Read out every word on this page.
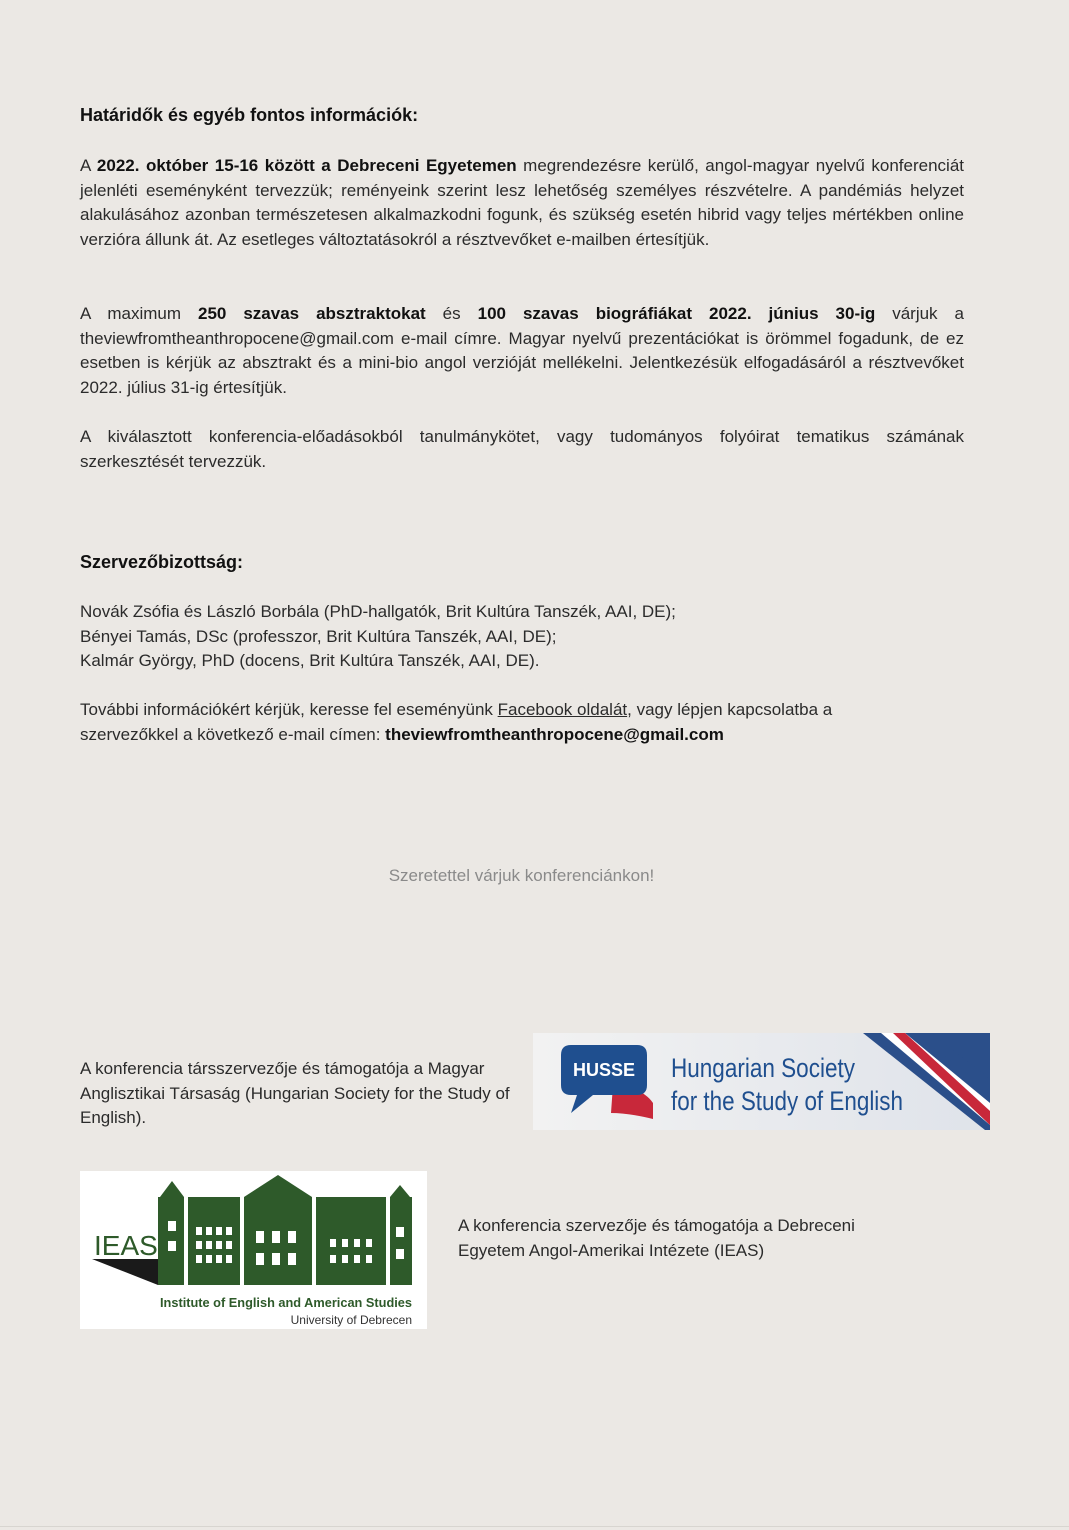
Határidők és egyéb fontos információk:
A 2022. október 15-16 között a Debreceni Egyetemen megrendezésre kerülő, angol-magyar nyelvű konferenciát jelenléti eseményként tervezzük; reményeink szerint lesz lehetőség személyes részvételre. A pandémiás helyzet alakulásához azonban természetesen alkalmazkodni fogunk, és szükség esetén hibrid vagy teljes mértékben online verzióra állunk át. Az esetleges változtatásokról a résztvevőket e-mailben értesítjük.
A maximum 250 szavas absztraktokat és 100 szavas biográfiákat 2022. június 30-ig várjuk a theviewfromtheanthropocene@gmail.com e-mail címre. Magyar nyelvű prezentációkat is örömmel fogadunk, de ez esetben is kérjük az absztrakt és a mini-bio angol verzióját mellékelni. Jelentkezésük elfogadásáról a résztvevőket 2022. július 31-ig értesítjük.
A kiválasztott konferencia-előadásokból tanulmánykötet, vagy tudományos folyóirat tematikus számának szerkesztését tervezzük.
Szervezőbizottság:
Novák Zsófia és László Borbála (PhD-hallgatók, Brit Kultúra Tanszék, AAI, DE);
Bényei Tamás, DSc (professzor, Brit Kultúra Tanszék, AAI, DE);
Kalmár György, PhD (docens, Brit Kultúra Tanszék, AAI, DE).
További információkért kérjük, keresse fel eseményünk Facebook oldalát, vagy lépjen kapcsolatba a
szervezőkkel a következő e-mail címen: theviewfromtheanthropocene@gmail.com
Szeretettel várjuk konferenciánkon!
A konferencia társszervezője és támogatója a Magyar Anglisztikai Társaság (Hungarian Society for the Study of English).
HUSSE Hungarian Society
for the Study of English
IEAS
Institute of English and American Studies
University of Debrecen
A konferencia szervezője és támogatója a Debreceni Egyetem Angol-Amerikai Intézete (IEAS)
